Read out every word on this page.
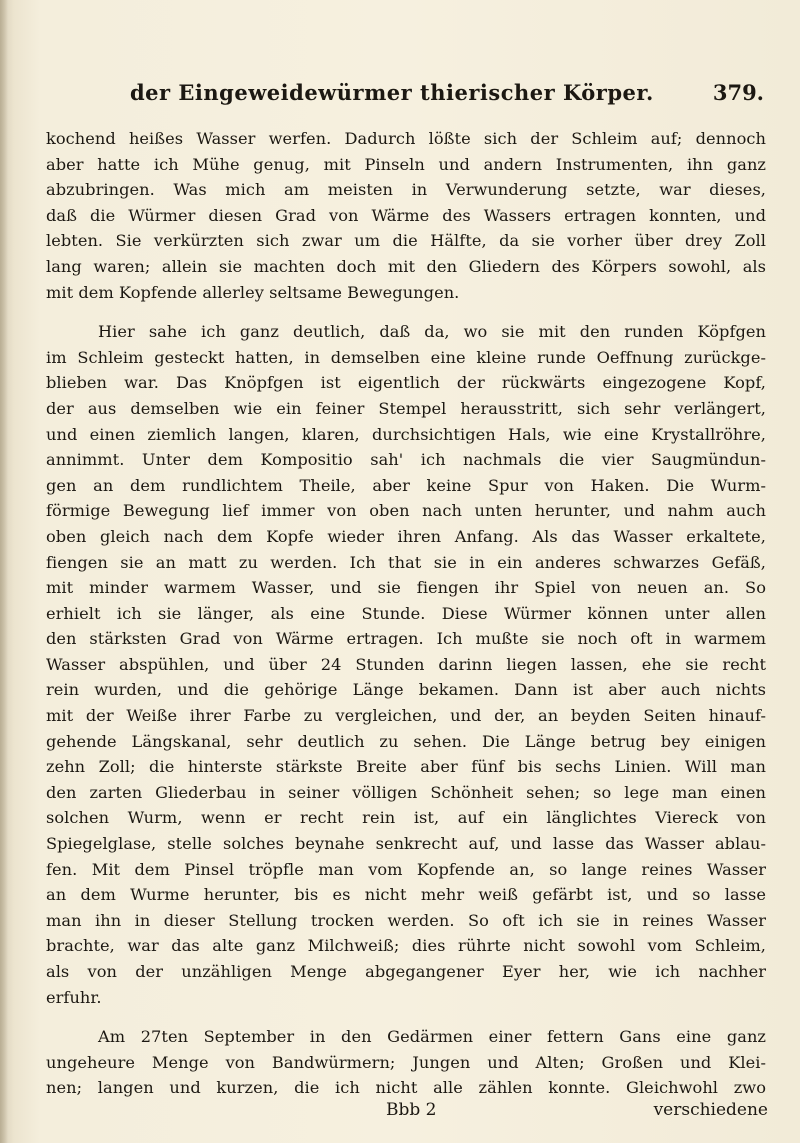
der Eingeweidewürmer thierischer Körper.	379.
kochend heißes Wasser werfen. Dadurch lößte sich der Schleim auf; dennoch
aber hatte ich Mühe genug, mit Pinseln und andern Instrumenten, ihn ganz
abzubringen. Was mich am meisten in Verwunderung setzte, war dieses,
daß die Würmer diesen Grad von Wärme des Wassers ertragen konnten, und
lebten. Sie verkürzten sich zwar um die Hälfte, da sie vorher über drey Zoll
lang waren; allein sie machten doch mit den Gliedern des Körpers sowohl, als
mit dem Kopfende allerley seltsame Bewegungen.
Hier sahe ich ganz deutlich, daß da, wo sie mit den runden Köpfgen
im Schleim gesteckt hatten, in demselben eine kleine runde Oeffnung zurückge-
blieben war. Das Knöpfgen ist eigentlich der rückwärts eingezogene Kopf,
der aus demselben wie ein feiner Stempel herausstritt, sich sehr verlängert,
und einen ziemlich langen, klaren, durchsichtigen Hals, wie eine Krystallröhre,
annimmt. Unter dem Kompositio sah' ich nachmals die vier Saugmündun-
gen an dem rundlichtem Theile, aber keine Spur von Haken. Die Wurm-
förmige Bewegung lief immer von oben nach unten herunter, und nahm auch
oben gleich nach dem Kopfe wieder ihren Anfang. Als das Wasser erkaltete,
fiengen sie an matt zu werden. Ich that sie in ein anderes schwarzes Gefäß,
mit minder warmem Wasser, und sie fiengen ihr Spiel von neuen an. So
erhielt ich sie länger, als eine Stunde. Diese Würmer können unter allen
den stärksten Grad von Wärme ertragen. Ich mußte sie noch oft in warmem
Wasser abspühlen, und über 24 Stunden darinn liegen lassen, ehe sie recht
rein wurden, und die gehörige Länge bekamen. Dann ist aber auch nichts
mit der Weiße ihrer Farbe zu vergleichen, und der, an beyden Seiten hinauf-
gehende Längskanal, sehr deutlich zu sehen. Die Länge betrug bey einigen
zehn Zoll; die hinterste stärkste Breite aber fünf bis sechs Linien. Will man
den zarten Gliederbau in seiner völligen Schönheit sehen; so lege man einen
solchen Wurm, wenn er recht rein ist, auf ein länglichtes Viereck von
Spiegelglase, stelle solches beynahe senkrecht auf, und lasse das Wasser ablau-
fen. Mit dem Pinsel tröpfle man vom Kopfende an, so lange reines Wasser
an dem Wurme herunter, bis es nicht mehr weiß gefärbt ist, und so lasse
man ihn in dieser Stellung trocken werden. So oft ich sie in reines Wasser
brachte, war das alte ganz Milchweiß; dies rührte nicht sowohl vom Schleim,
als von der unzähligen Menge abgegangener Eyer her, wie ich nachher
erfuhr.
Am 27ten September in den Gedärmen einer fettern Gans eine ganz
ungeheure Menge von Bandwürmern; Jungen und Alten; Großen und Klei-
nen; langen und kurzen, die ich nicht alle zählen konnte. Gleichwohl zwo
Bbb 2	verschiedene
